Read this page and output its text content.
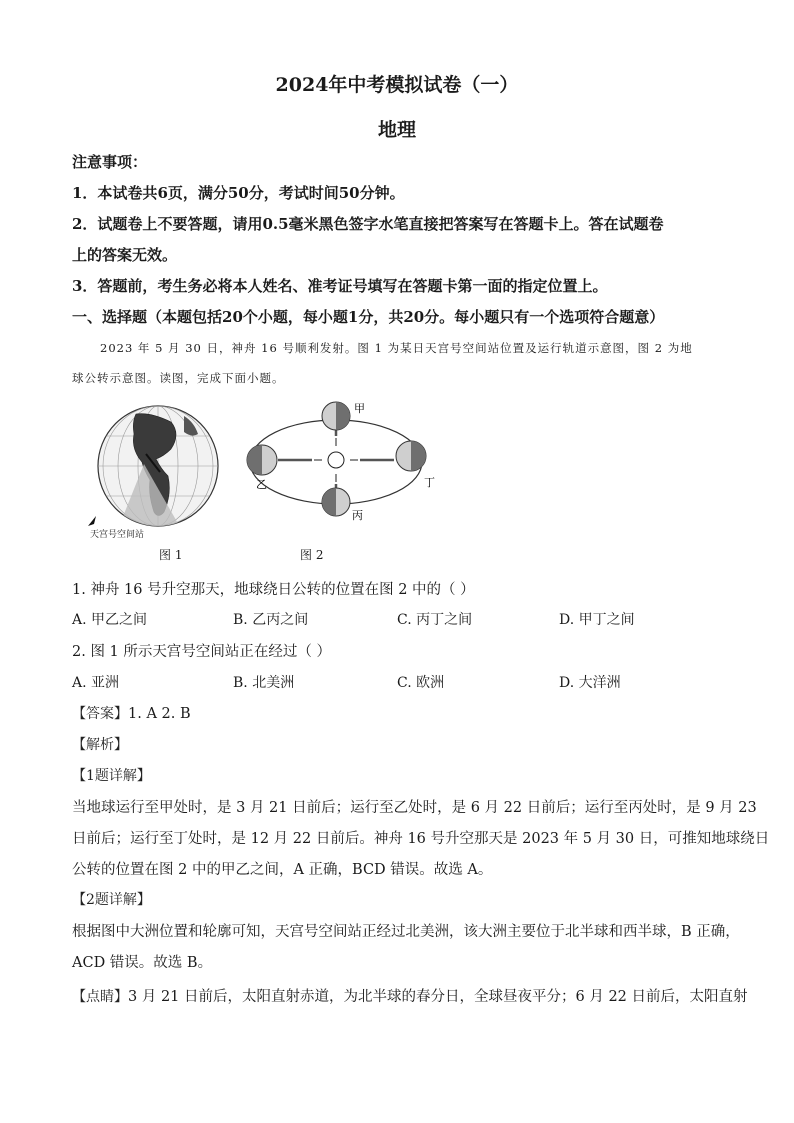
2024年中考模拟试卷（一）
地理
注意事项：
1．本试卷共6页，满分50分，考试时间50分钟。
2．试题卷上不要答题，请用0.5毫米黑色签字水笔直接把答案写在答题卡上。答在试题卷
上的答案无效。
3．答题前，考生务必将本人姓名、准考证号填写在答题卡第一面的指定位置上。
一、选择题（本题包括20个小题，每小题1分，共20分。每小题只有一个选项符合题意）
2023 年 5 月 30 日，神舟 16 号顺利发射。图 1 为某日天宫号空间站位置及运行轨道示意图，图 2 为地
球公转示意图。读图，完成下面小题。
天宫号空间站
甲
乙
丙
丁
图 1	图 2
1. 神舟 16 号升空那天，地球绕日公转的位置在图 2 中的（ ）
A. 甲乙之间	B. 乙丙之间	C. 丙丁之间	D. 甲丁之间
2. 图 1 所示天宫号空间站正在经过（ ）
A. 亚洲	B. 北美洲	C. 欧洲	D. 大洋洲
【答案】1. A 2. B
【解析】
【1题详解】
当地球运行至甲处时，是 3 月 21 日前后；运行至乙处时，是 6 月 22 日前后；运行至丙处时，是 9 月 23
日前后；运行至丁处时，是 12 月 22 日前后。神舟 16 号升空那天是 2023 年 5 月 30 日，可推知地球绕日
公转的位置在图 2 中的甲乙之间，A 正确，BCD 错误。故选 A。
【2题详解】
根据图中大洲位置和轮廓可知，天宫号空间站正经过北美洲，该大洲主要位于北半球和西半球，B 正确，
ACD 错误。故选 B。
【点睛】3 月 21 日前后，太阳直射赤道，为北半球的春分日，全球昼夜平分；6 月 22 日前后，太阳直射
